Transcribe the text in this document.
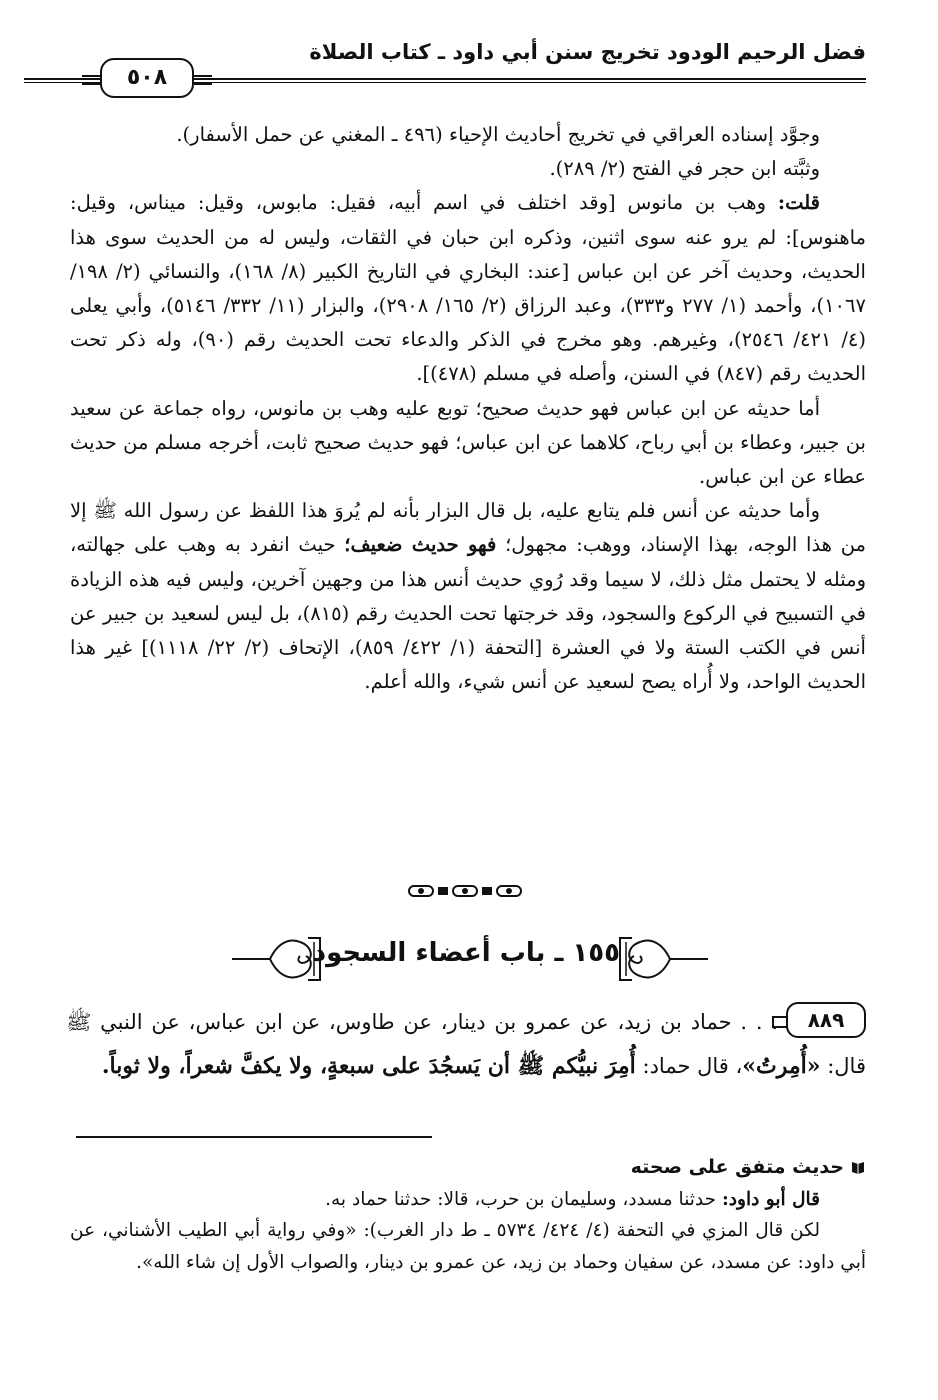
فضل الرحيم الودود تخريج سنن أبي داود ـ كتاب الصلاة
٥٠٨

وجوَّد إسناده العراقي في تخريج أحاديث الإحياء (٤٩٦ ـ المغني عن حمل الأسفار).

وثبَّته ابن حجر في الفتح (٢/ ٢٨٩).

قلت: وهب بن مانوس [وقد اختلف في اسم أبيه، فقيل: مابوس، وقيل: ميناس، وقيل: ماهنوس]: لم يرو عنه سوى اثنين، وذكره ابن حبان في الثقات، وليس له من الحديث سوى هذا الحديث، وحديث آخر عن ابن عباس [عند: البخاري في التاريخ الكبير (٨/ ١٦٨)، والنسائي (٢/ ١٩٨/ ١٠٦٧)، وأحمد (١/ ٢٧٧ و٣٣٣)، وعبد الرزاق (٢/ ١٦٥/ ٢٩٠٨)، والبزار (١١/ ٣٣٢/ ٥١٤٦)، وأبي يعلى (٤/ ٤٢١/ ٢٥٤٦)، وغيرهم. وهو مخرج في الذكر والدعاء تحت الحديث رقم (٩٠)، وله ذكر تحت الحديث رقم (٨٤٧) في السنن، وأصله في مسلم (٤٧٨)].

أما حديثه عن ابن عباس فهو حديث صحيح؛ توبع عليه وهب بن مانوس، رواه جماعة عن سعيد بن جبير، وعطاء بن أبي رباح، كلاهما عن ابن عباس؛ فهو حديث صحيح ثابت، أخرجه مسلم من حديث عطاء عن ابن عباس.

وأما حديثه عن أنس فلم يتابع عليه، بل قال البزار بأنه لم يُروَ هذا اللفظ عن رسول الله ﷺ إلا من هذا الوجه، بهذا الإسناد، ووهب: مجهول؛ فهو حديث ضعيف؛ حيث انفرد به وهب على جهالته، ومثله لا يحتمل مثل ذلك، لا سيما وقد رُوي حديث أنس هذا من وجهين آخرين، وليس فيه هذه الزيادة في التسبيح في الركوع والسجود، وقد خرجتها تحت الحديث رقم (٨١٥)، بل ليس لسعيد بن جبير عن أنس في الكتب الستة ولا في العشرة [التحفة (١/ ٤٢٢/ ٨٥٩)، الإتحاف (٢/ ٢٢/ ١١١٨)] غير هذا الحديث الواحد، ولا أُراه يصح لسعيد عن أنس شيء، والله أعلم.

١٥٥ ـ باب أعضاء السجود
٨٨٩
. . . حماد بن زيد، عن عمرو بن دينار، عن طاوس، عن ابن عباس، عن النبي ﷺ قال: «أُمِرتُ»، قال حماد: أُمِرَ نبيُّكم ﷺ أن يَسجُدَ على سبعةٍ، ولا يكفَّ شعراً، ولا ثوباً.

حديث متفق على صحته

قال أبو داود: حدثنا مسدد، وسليمان بن حرب، قالا: حدثنا حماد به.

لكن قال المزي في التحفة (٤/ ٤٢٤/ ٥٧٣٤ ـ ط دار الغرب): «وفي رواية أبي الطيب الأشناني، عن أبي داود: عن مسدد، عن سفيان وحماد بن زيد، عن عمرو بن دينار، والصواب الأول إن شاء الله».
